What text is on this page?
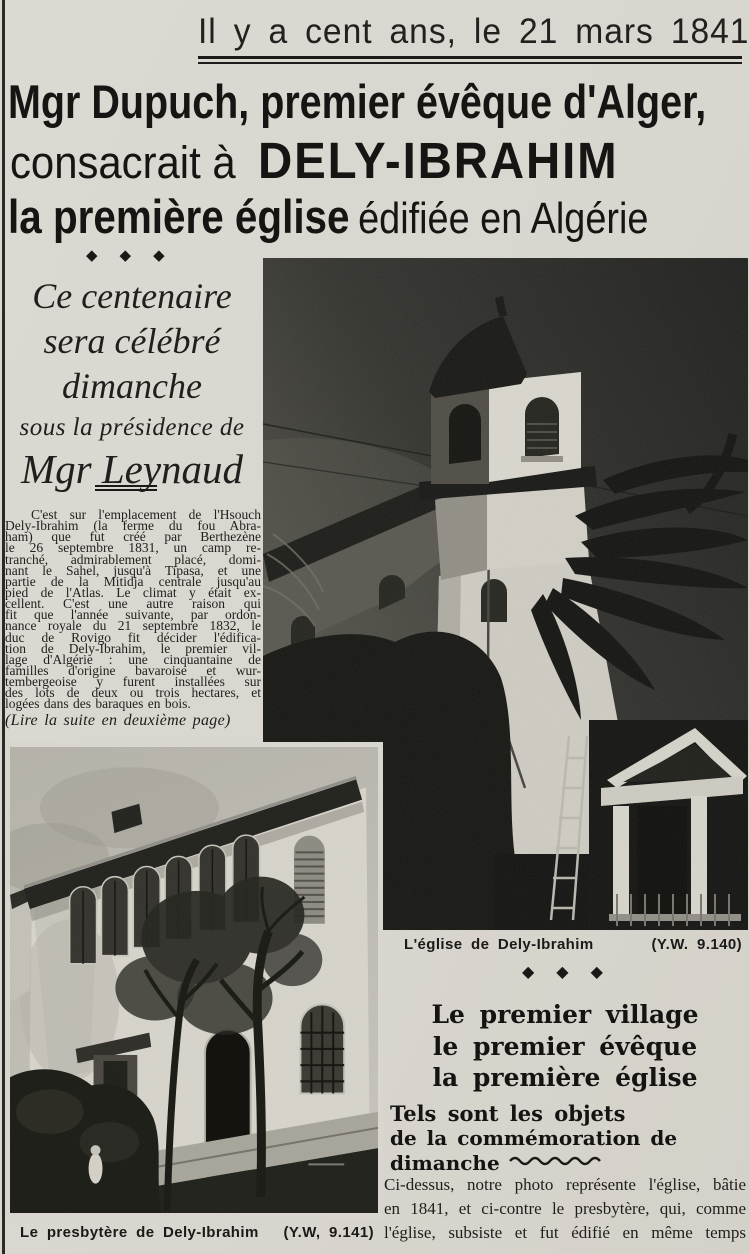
Il y a cent ans, le 21 mars 1841
Mgr Dupuch, premier évêque d'Alger,
consacrait à DELY-IBRAHIM
la première église édifiée en Algérie
◆◆◆
Ce centenaire
sera célébré
dimanche
sous la présidence de
Mgr Leynaud
C'est sur l'emplacement de l'Hsouch
Dely-Ibrahim (la ferme du fou Abra-
ham) que fut créé par Berthezène
le 26 septembre 1831, un camp re-
tranché, admirablement placé, domi-
nant le Sahel, jusqu'à Tipasa, et une
partie de la Mitidja centrale jusqu'au
pied de l'Atlas. Le climat y était ex-
cellent. C'est une autre raison qui
fit que l'année suivante, par ordon-
nance royale du 21 septembre 1832, le
duc de Rovigo fit décider l'édifica-
tion de Dely-Ibrahim, le premier vil-
lage d'Algérie : une cinquantaine de
familles d'origine bavaroise et wur-
tembergeoise y furent installées sur
des lots de deux ou trois hectares, et
logées dans des baraques en bois.
(Lire la suite en deuxième page)
L'église de Dely-Ibrahim	(Y.W. 9.140)
◆◆◆
Le premier village
le premier évêque
la première église
Tels sont les objets
de la commémoration de dimanche
Ci-dessus, notre photo représente l'église, bâtie
en 1841, et ci-contre le presbytère, qui, comme
l'église, subsiste et fut édifié en même temps
Le presbytère de Dely-Ibrahim (Y.W, 9.141)
